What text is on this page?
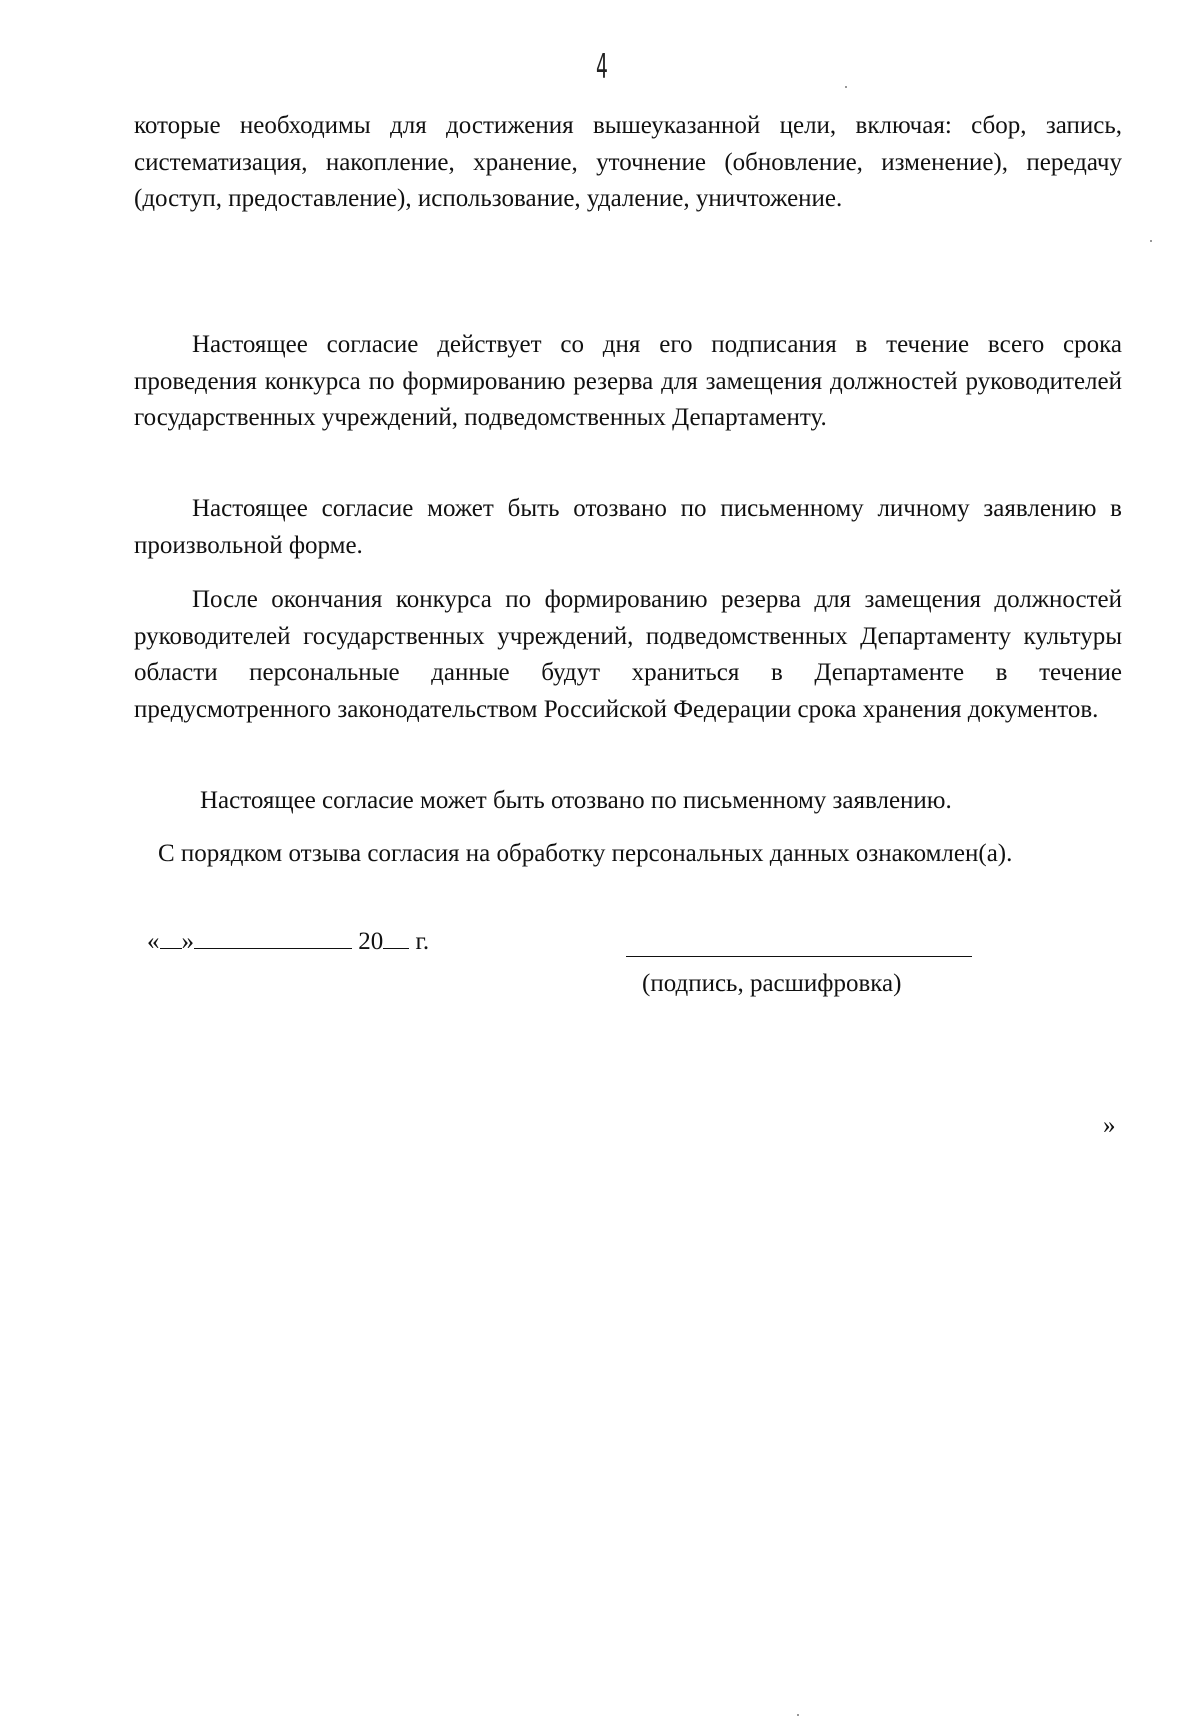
4
которые необходимы для достижения вышеуказанной цели, включая: сбор, запись, систематизация, накопление, хранение, уточнение (обновление, изменение), передачу (доступ, предоставление), использование, удаление, уничтожение.
Настоящее согласие действует со дня его подписания в течение всего срока проведения конкурса по формированию резерва для замещения должностей руководителей государственных учреждений, подведомственных Департаменту.
Настоящее согласие может быть отозвано по письменному личному заявлению в произвольной форме.
После окончания конкурса по формированию резерва для замещения должностей руководителей государственных учреждений, подведомственных Департаменту культуры области персональные данные будут храниться в Департаменте в течение предусмотренного законодательством Российской Федерации срока хранения документов.
Настоящее согласие может быть отозвано по письменному заявлению.
С порядком отзыва согласия на обработку персональных данных ознакомлен(а).
« »	20 г.
(подпись, расшифровка)
»
